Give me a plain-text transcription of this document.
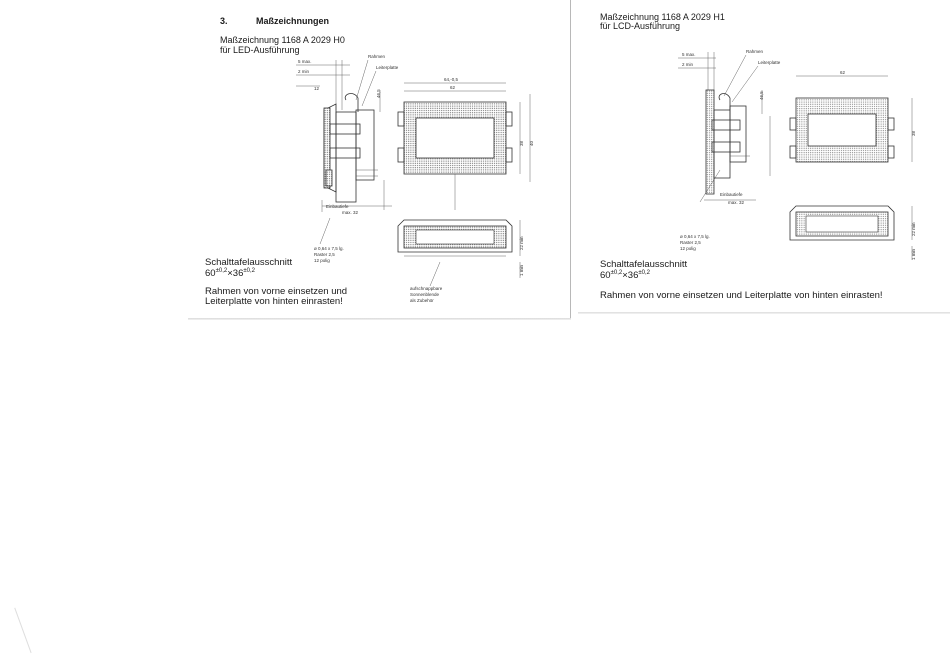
3.	Maßzeichnungen
Maßzeichnung 1168 A 2029 H0
für LED-Ausführung
Schalttafelausschnitt
$60^{\pm 0,2}\times 36^{\pm 0,2}$
Rahmen von vorne einsetzen und
Leiterplatte von hinten einrasten!
Maßzeichnung 1168 A 2029 H1
für LCD-Ausführung
Schalttafelausschnitt
$60^{\pm 0,2}\times 36^{\pm 0,2}$
Rahmen von vorne einsetzen und Leiterplatte von hinten einrasten!
5 max.
2 min
12
Rahmen
Leiterplatte
Einbautiefe
max. 32
46,5
64,-0,5
62
38 40
22 min
1 min
ø 0,64 x 7,5 lg.
Raster 2,5
12 polig
aufschnappbare
Sonnenblende
als Zubehör
5 max.
2 min
Rahmen
Leiterplatte
46,5
Einbautiefe
max. 32
62
38
22 min
1 min
ø 0,64 x 7,5 lg.
Raster 2,5
12 polig
